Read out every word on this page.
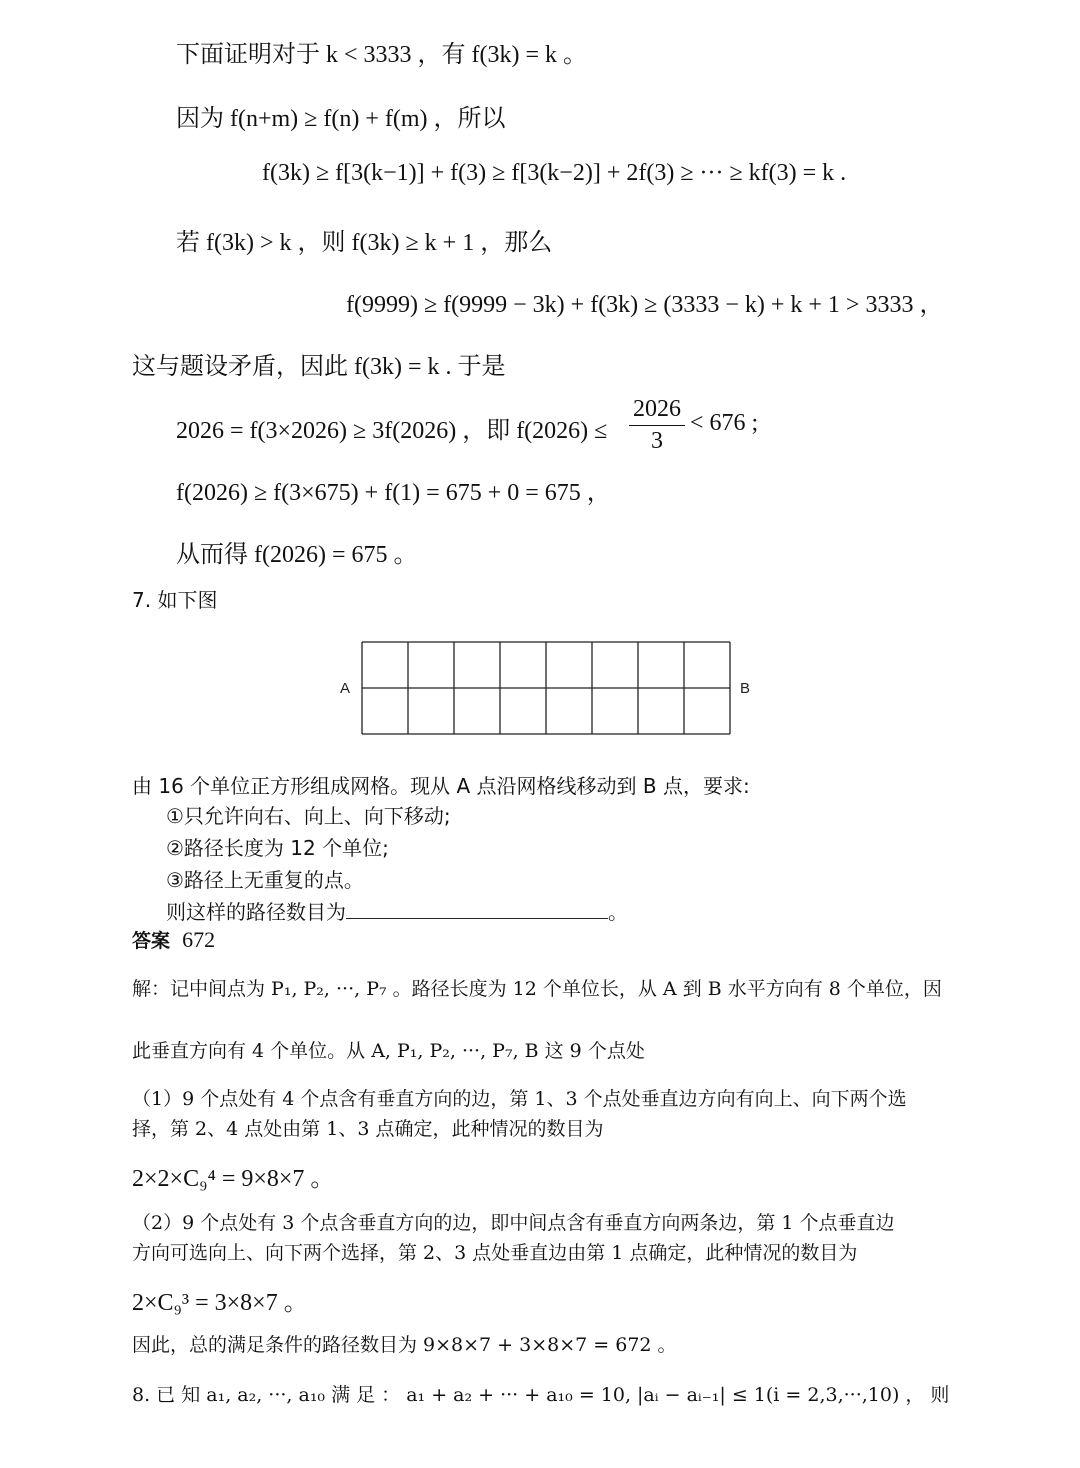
下面证明对于 k < 3333 ，有 f(3k) = k 。
因为 f(n+m) ≥ f(n) + f(m) ，所以
f(3k) ≥ f[3(k−1)] + f(3) ≥ f[3(k−2)] + 2f(3) ≥ ··· ≥ kf(3) = k .
若 f(3k) > k ，则 f(3k) ≥ k + 1 ，那么
f(9999) ≥ f(9999 − 3k) + f(3k) ≥ (3333 − k) + k + 1 > 3333 ，
这与题设矛盾，因此 f(3k) = k . 于是
2026 = f(3×2026) ≥ 3f(2026) ，即 f(2026) ≤
2026
3
< 676 ;
f(2026) ≥ f(3×675) + f(1) = 675 + 0 = 675 ，
从而得 f(2026) = 675 。
7. 如下图
A	B
由 16 个单位正方形组成网格。现从 A 点沿网格线移动到 B 点，要求:
①只允许向右、向上、向下移动;
②路径长度为 12 个单位;
③路径上无重复的点。
则这样的路径数目为	。
答案 672
解：记中间点为 P₁, P₂, ···, P₇ 。路径长度为 12 个单位长，从 A 到 B 水平方向有 8 个单位，因
此垂直方向有 4 个单位。从 A, P₁, P₂, ···, P₇, B 这 9 个点处
（1）9 个点处有 4 个点含有垂直方向的边，第 1、3 个点处垂直边方向有向上、向下两个选
择，第 2、4 点处由第 1、3 点确定，此种情况的数目为
2×2×C₉⁴ = 9×8×7 。
（2）9 个点处有 3 个点含垂直方向的边，即中间点含有垂直方向两条边，第 1 个点垂直边
方向可选向上、向下两个选择，第 2、3 点处垂直边由第 1 点确定，此种情况的数目为
2×C₉³ = 3×8×7 。
因此，总的满足条件的路径数目为 9×8×7 + 3×8×7 = 672 。
8. 已 知 a₁, a₂, ···, a₁₀ 满 足 ： a₁ + a₂ + ··· + a₁₀ = 10, |aᵢ − aᵢ₋₁| ≤ 1(i = 2,3,···,10) ， 则
